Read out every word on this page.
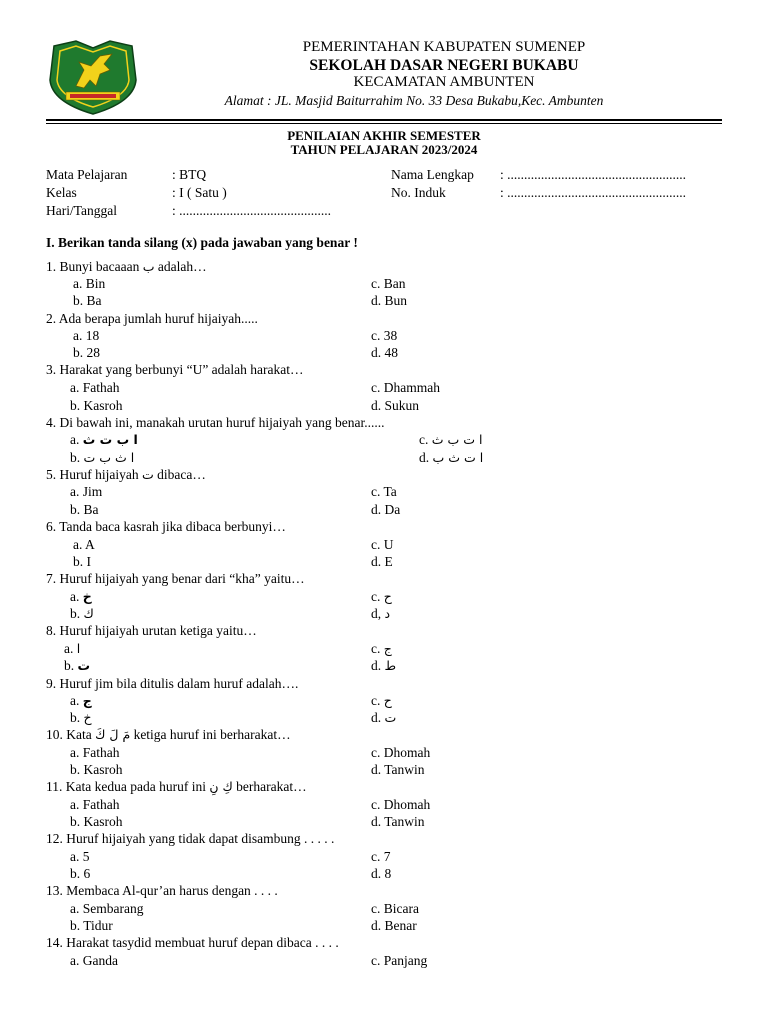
PEMERINTAHAN KABUPATEN SUMENEP
SEKOLAH DASAR NEGERI BUKABU
KECAMATAN AMBUNTEN
Alamat : JL. Masjid Baiturrahim No. 33 Desa Bukabu,Kec. Ambunten
PENILAIAN AKHIR SEMESTER
TAHUN PELAJARAN 2023/2024
Mata Pelajaran	: BTQ
Kelas	: I ( Satu )
Hari/Tanggal	: .............................................
Nama Lengkap : .....................................................
No. Induk	: .....................................................
I. Berikan tanda silang (x) pada jawaban yang benar !
1. Bunyi bacaaan ب adalah…
a. Bin
b. Ba
c. Ban
d. Bun
2. Ada berapa jumlah huruf hijaiyah.....
a. 18
b. 28
c. 38
d. 48
3. Harakat yang berbunyi “U” adalah harakat…
a. Fathah
b. Kasroh
c. Dhammah
d. Sukun
4. Di bawah ini, manakah urutan huruf hijaiyah yang benar......
a. ا ب ت ث
b. ا ث ب ت
c. ا ت ب ث
d. ا ت ث ب
5. Huruf hijaiyah ت dibaca…
a. Jim
b. Ba
c. Ta
d. Da
6. Tanda baca kasrah jika dibaca berbunyi…
a. A
b. I
c. U
d. E
7. Huruf hijaiyah yang benar dari “kha” yaitu…
a. خ
b. ك
c. ح
d, د
8. Huruf hijaiyah urutan ketiga yaitu…
a. ا
b. ت
c. ج
d. ط
9. Huruf jim bila ditulis dalam huruf adalah….
a. ج
b. خ
c. ح
d. ت
10. Kata مَ لَ كَ ketiga huruf ini berharakat…
a. Fathah
b. Kasroh
c. Dhomah
d. Tanwin
11. Kata kedua pada huruf ini كِ نِ berharakat…
a. Fathah
b. Kasroh
c. Dhomah
d. Tanwin
12. Huruf hijaiyah yang tidak dapat disambung . . . . .
a. 5
b. 6
c. 7
d. 8
13. Membaca Al-qur’an harus dengan . . . .
a. Sembarang
b. Tidur
c. Bicara
d. Benar
14. Harakat tasydid membuat huruf depan dibaca . . . .
a. Ganda	c. Panjang
